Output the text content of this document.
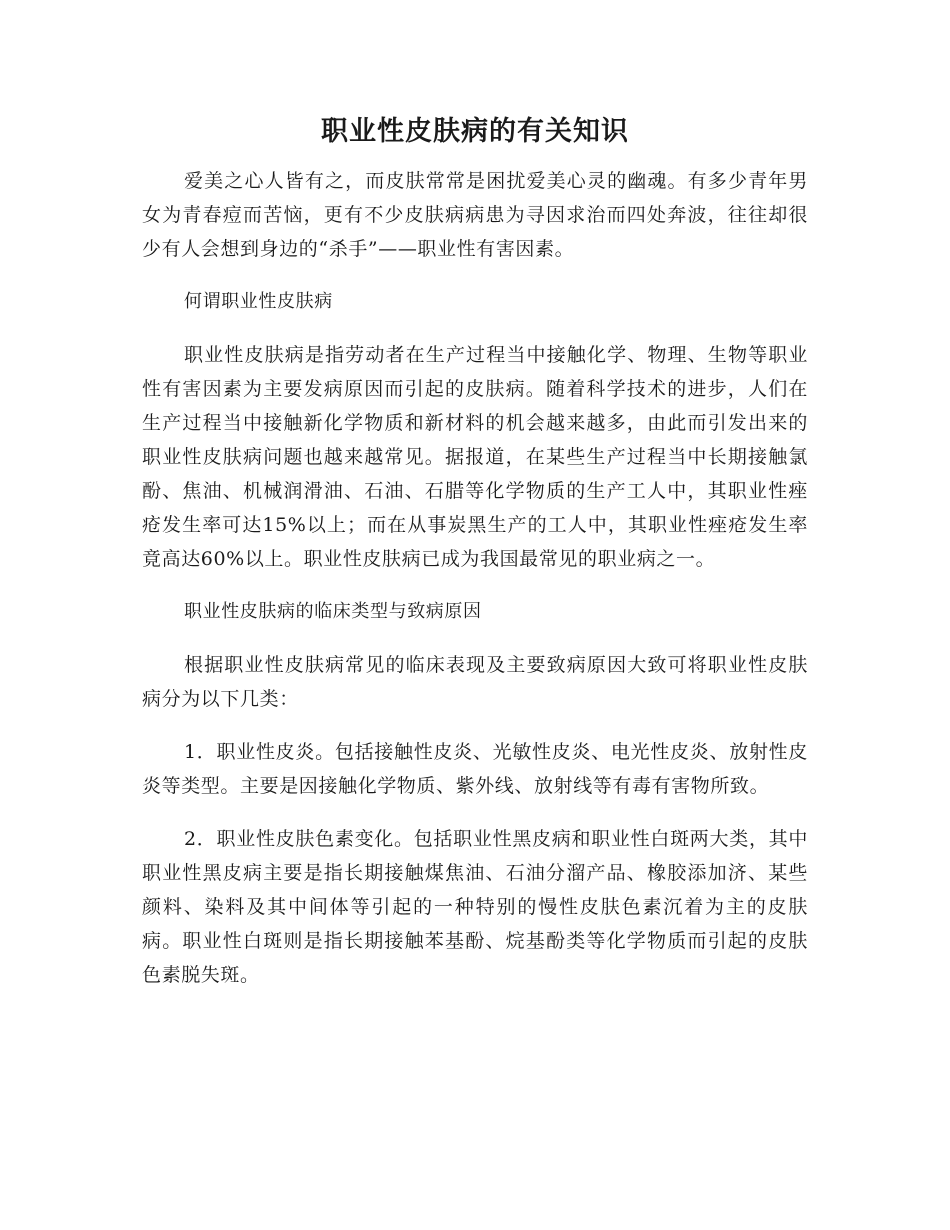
职业性皮肤病的有关知识

爱美之心人皆有之，而皮肤常常是困扰爱美心灵的幽魂。有多少青年男女为青春痘而苦恼，更有不少皮肤病病患为寻因求治而四处奔波，往往却很少有人会想到身边的“杀手”——职业性有害因素。

何谓职业性皮肤病

职业性皮肤病是指劳动者在生产过程当中接触化学、物理、生物等职业性有害因素为主要发病原因而引起的皮肤病。随着科学技术的进步，人们在生产过程当中接触新化学物质和新材料的机会越来越多，由此而引发出来的职业性皮肤病问题也越来越常见。据报道，在某些生产过程当中长期接触氯酚、焦油、机械润滑油、石油、石腊等化学物质的生产工人中，其职业性痤疮发生率可达15%以上；而在从事炭黑生产的工人中，其职业性痤疮发生率竟高达60%以上。职业性皮肤病已成为我国最常见的职业病之一。

职业性皮肤病的临床类型与致病原因

根据职业性皮肤病常见的临床表现及主要致病原因大致可将职业性皮肤病分为以下几类：

1．职业性皮炎。包括接触性皮炎、光敏性皮炎、电光性皮炎、放射性皮炎等类型。主要是因接触化学物质、紫外线、放射线等有毒有害物所致。

2．职业性皮肤色素变化。包括职业性黑皮病和职业性白斑两大类，其中职业性黑皮病主要是指长期接触煤焦油、石油分溜产品、橡胶添加济、某些颜料、染料及其中间体等引起的一种特别的慢性皮肤色素沉着为主的皮肤病。职业性白斑则是指长期接触苯基酚、烷基酚类等化学物质而引起的皮肤色素脱失斑。
